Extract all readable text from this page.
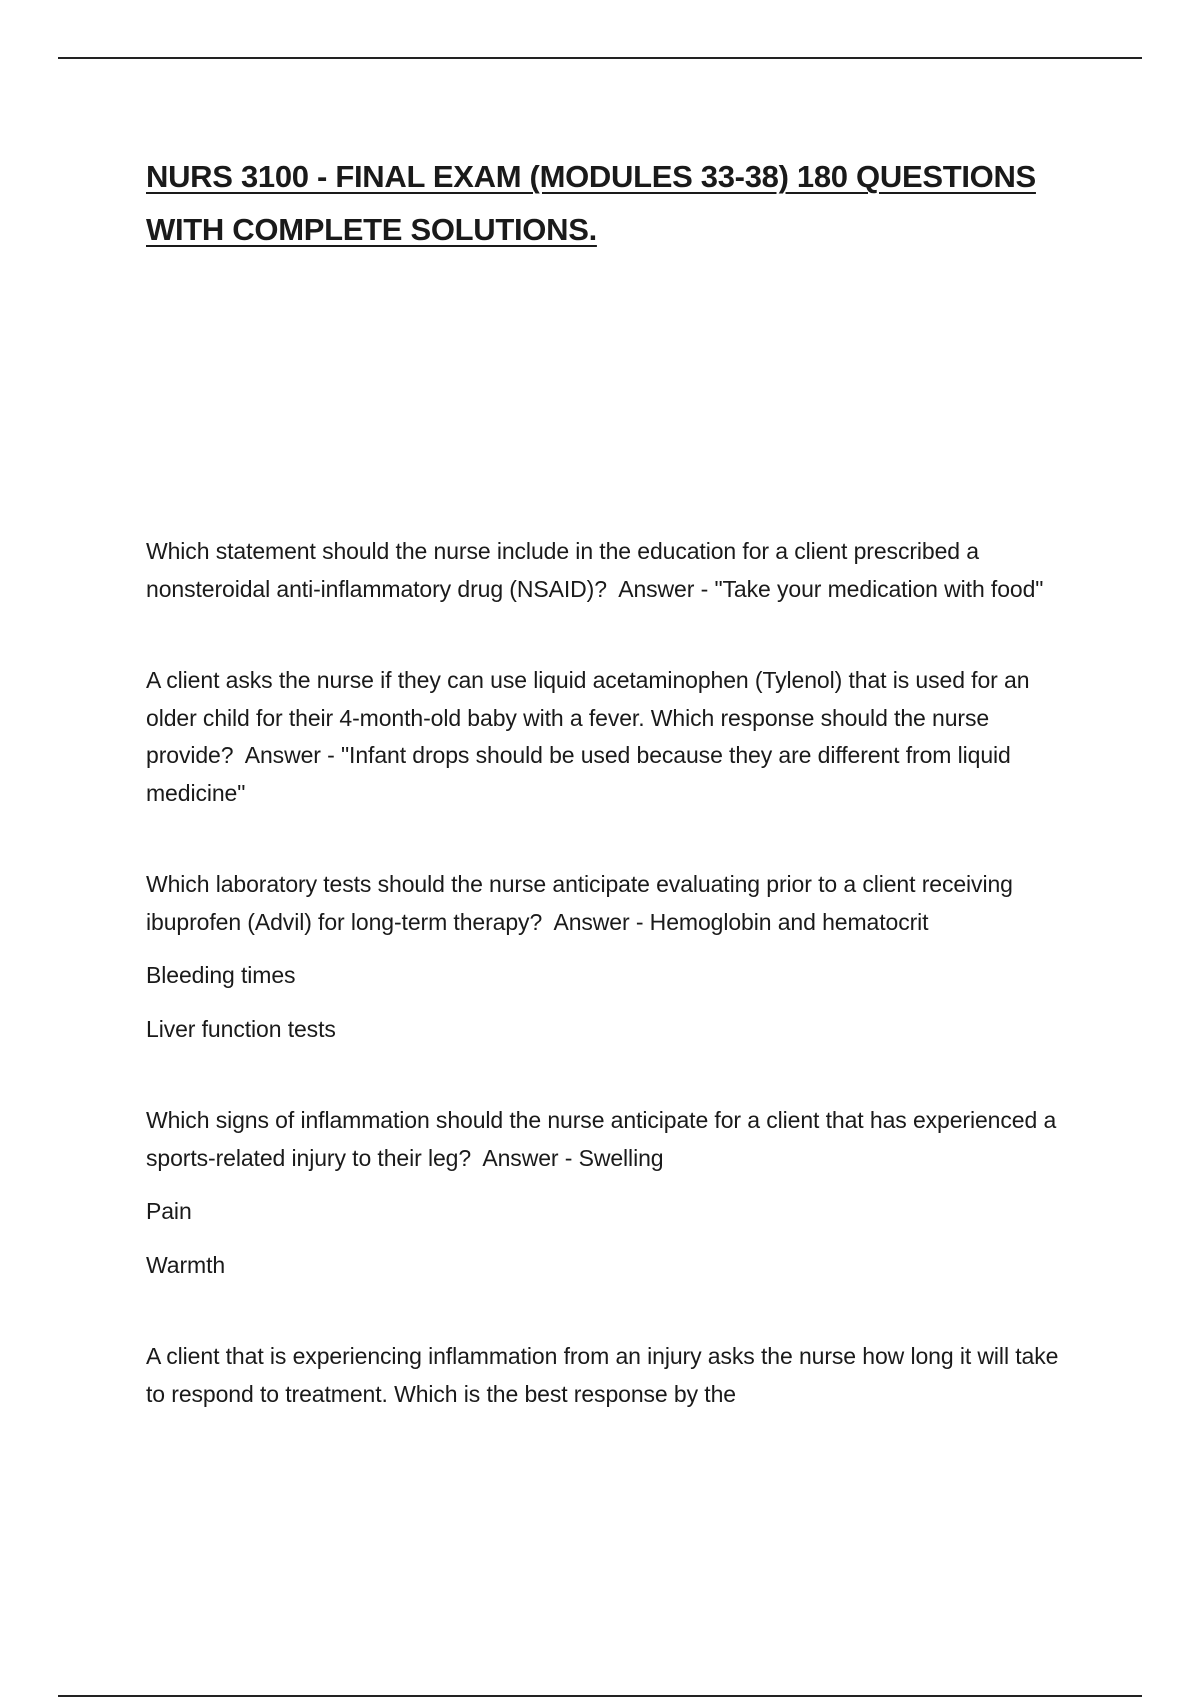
NURS 3100 - FINAL EXAM (MODULES 33-38) 180 QUESTIONS WITH COMPLETE SOLUTIONS.

Which statement should the nurse include in the education for a client prescribed a nonsteroidal anti-inflammatory drug (NSAID)? Answer - "Take your medication with food"

A client asks the nurse if they can use liquid acetaminophen (Tylenol) that is used for an older child for their 4-month-old baby with a fever. Which response should the nurse provide? Answer - "Infant drops should be used because they are different from liquid medicine"

Which laboratory tests should the nurse anticipate evaluating prior to a client receiving ibuprofen (Advil) for long-term therapy? Answer - Hemoglobin and hematocrit

Bleeding times

Liver function tests

Which signs of inflammation should the nurse anticipate for a client that has experienced a sports-related injury to their leg? Answer - Swelling

Pain

Warmth

A client that is experiencing inflammation from an injury asks the nurse how long it will take to respond to treatment. Which is the best response by the
